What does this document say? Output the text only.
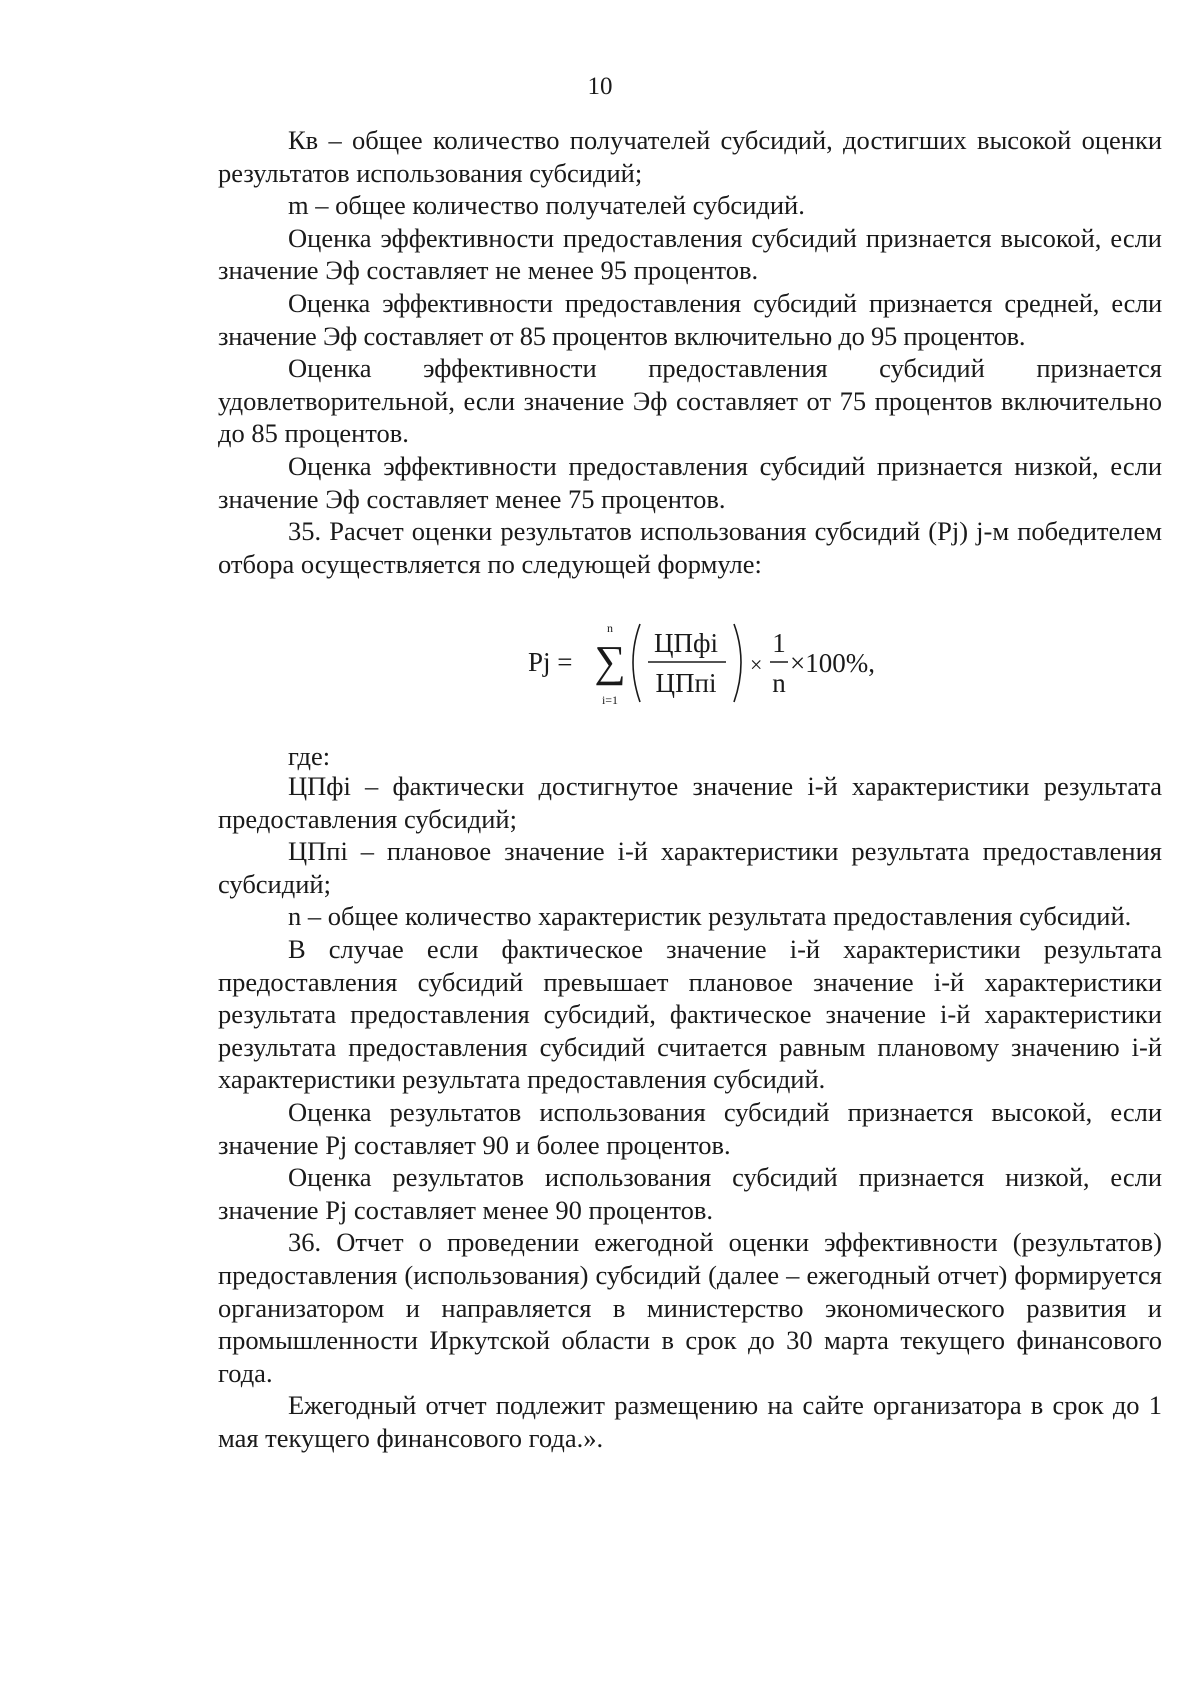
10

Кв – общее количество получателей субсидий, достигших высокой оценки результатов использования субсидий;

m – общее количество получателей субсидий.

Оценка эффективности предоставления субсидий признается высокой, если значение Эф составляет не менее 95 процентов.

Оценка эффективности предоставления субсидий признается средней, если значение Эф составляет от 85 процентов включительно до 95 процентов.

Оценка эффективности предоставления субсидий признается удовлетворительной, если значение Эф составляет от 75 процентов включительно до 85 процентов.

Оценка эффективности предоставления субсидий признается низкой, если значение Эф составляет менее 75 процентов.

35. Расчет оценки результатов использования субсидий (Pj) j-м победителем отбора осуществляется по следующей формуле:

Pj =
n
∑
i=1
ЦПфi
ЦПпi
×
1
n
×100%,
где:

ЦПфi – фактически достигнутое значение i-й характеристики результата предоставления субсидий;

ЦПпi – плановое значение i-й характеристики результата предоставления субсидий;

n – общее количество характеристик результата предоставления субсидий.

В случае если фактическое значение i-й характеристики результата предоставления субсидий превышает плановое значение i-й характеристики результата предоставления субсидий, фактическое значение i-й характеристики результата предоставления субсидий считается равным плановому значению i-й характеристики результата предоставления субсидий.

Оценка результатов использования субсидий признается высокой, если значение Pj составляет 90 и более процентов.

Оценка результатов использования субсидий признается низкой, если значение Pj составляет менее 90 процентов.

36. Отчет о проведении ежегодной оценки эффективности (результатов) предоставления (использования) субсидий (далее – ежегодный отчет) формируется организатором и направляется в министерство экономического развития и промышленности Иркутской области в срок до 30 марта текущего финансового года.

Ежегодный отчет подлежит размещению на сайте организатора в срок до 1 мая текущего финансового года.».
